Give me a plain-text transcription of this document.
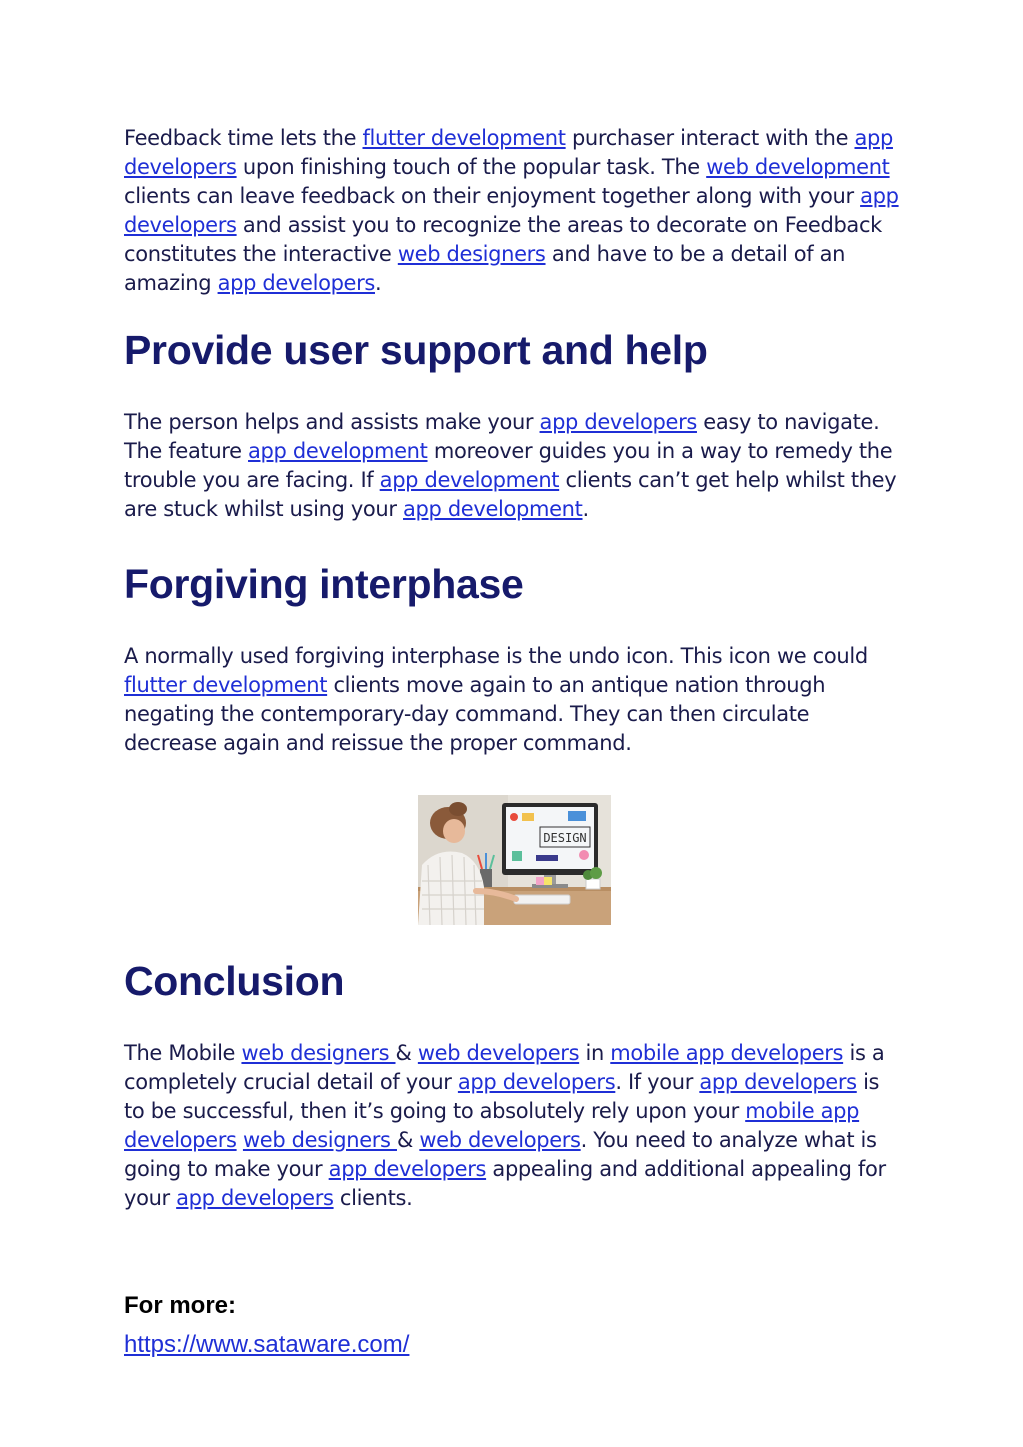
Feedback time lets the flutter development purchaser interact with the app developers upon finishing touch of the popular task. The web development clients can leave feedback on their enjoyment together along with your app developers and assist you to recognize the areas to decorate on Feedback constitutes the interactive web designers and have to be a detail of an amazing app developers.

Provide user support and help

The person helps and assists make your app developers easy to navigate. The feature app development moreover guides you in a way to remedy the trouble you are facing. If app development clients can’t get help whilst they are stuck whilst using your app development.

Forgiving interphase

A normally used forgiving interphase is the undo icon. This icon we could flutter development clients move again to an antique nation through negating the contemporary-day command. They can then circulate decrease again and reissue the proper command.

DESIGN
Conclusion

The Mobile web designers & web developers in mobile app developers is a completely crucial detail of your app developers. If your app developers is to be successful, then it’s going to absolutely rely upon your mobile app developers web designers & web developers. You need to analyze what is going to make your app developers appealing and additional appealing for your app developers clients.

For more:
https://www.sataware.com/
